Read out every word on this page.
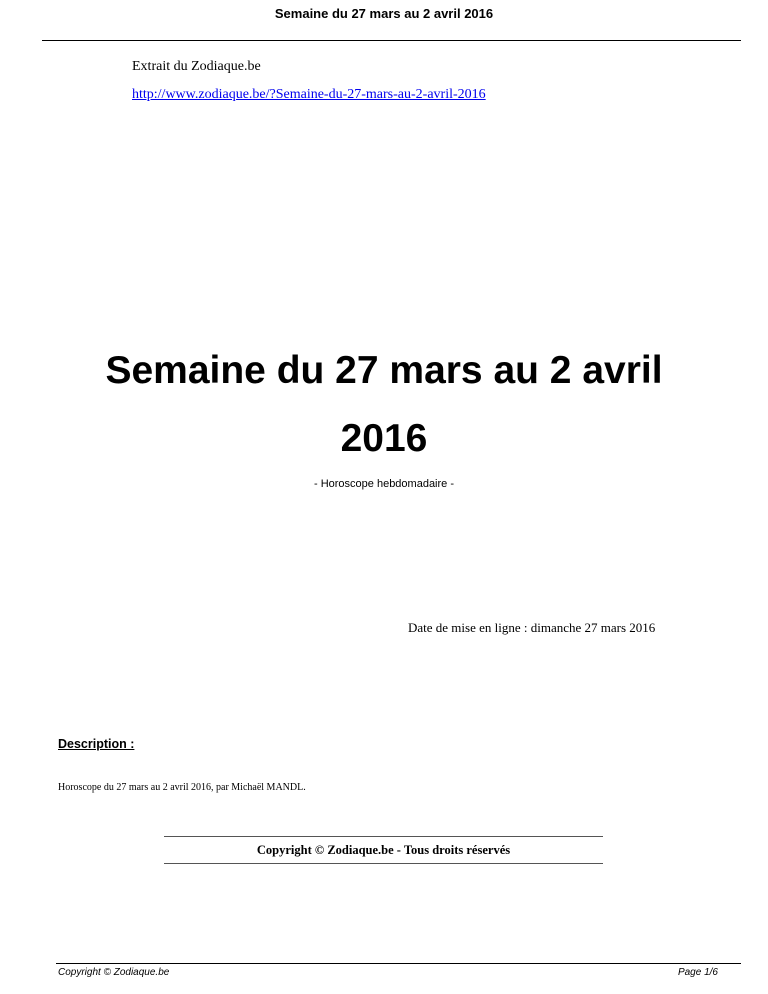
Semaine du 27 mars au 2 avril 2016
Extrait du Zodiaque.be
http://www.zodiaque.be/?Semaine-du-27-mars-au-2-avril-2016
Semaine du 27 mars au 2 avril 2016
- Horoscope hebdomadaire -
Date de mise en ligne : dimanche 27 mars 2016
Description :
Horoscope du 27 mars au 2 avril 2016, par Michaël MANDL.
Copyright © Zodiaque.be - Tous droits réservés
Copyright © Zodiaque.be	Page 1/6
